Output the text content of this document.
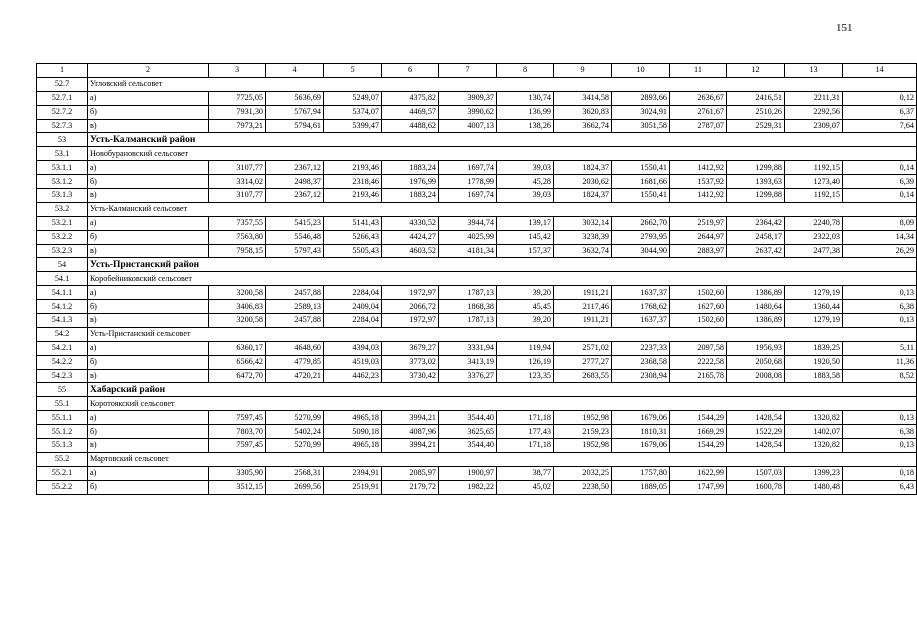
151
1	2	3	4	5	6	7	8	9	10	11	12	13	14
52.7	Угловский сельсовет												
52.7.1	а)	7725,05	5636,69	5249,07	4375,82	3909,37	130,74	3414,58	2893,66	2636,67	2416,51	2211,31	0,12
52.7.2	б)	7931,30	5767,94	5374,07	4469,57	3990,62	136,99	3620,83	3024,91	2761,67	2510,26	2292,56	6,37
52.7.3	в)	7973,21	5794,61	5399,47	4488,62	4007,13	138,26	3662,74	3051,58	2787,07	2529,31	2309,07	7,64
53	Усть-Калманский район												
53.1	Новобурановский сельсовет												
53.1.1	а)	3107,77	2367,12	2193,46	1883,24	1697,74	39,03	1824,37	1550,41	1412,92	1299,88	1192,15	0,14
53.1.2	б)	3314,02	2498,37	2318,46	1976,99	1778,99	45,28	2030,62	1681,66	1537,92	1393,63	1273,40	6,39
53.1.3	в)	3107,77	2367,12	2193,46	1883,24	1697,74	39,03	1824,37	1550,41	1412,92	1299,88	1192,15	0,14
53.2	Усть-Калманский сельсовет												
53.2.1	а)	7357,55	5415,23	5141,43	4330,52	3944,74	139,17	3032,14	2662,70	2519,97	2364,42	2240,78	8,09
53.2.2	б)	7563,80	5546,48	5266,43	4424,27	4025,99	145,42	3238,39	2793,95	2644,97	2458,17	2322,03	14,34
53.2.3	в)	7958,15	5797,43	5505,43	4603,52	4181,34	157,37	3632,74	3044,90	2883,97	2637,42	2477,38	26,29
54	Усть-Пристанский район												
54.1	Коробейниковский сельсовет												
54.1.1	а)	3200,58	2457,88	2284,04	1972,97	1787,13	39,20	1911,21	1637,37	1502,60	1386,89	1279,19	0,13
54.1.2	б)	3406,83	2589,13	2409,04	2066,72	1868,38	45,45	2117,46	1768,62	1627,60	1480,64	1360,44	6,38
54.1.3	в)	3200,58	2457,88	2284,04	1972,97	1787,13	39,20	1911,21	1637,37	1502,60	1386,89	1279,19	0,13
54.2	Усть-Пристанский сельсовет												
54.2.1	а)	6360,17	4648,60	4394,03	3679,27	3331,94	119,94	2571,02	2237,33	2097,58	1956,93	1839,25	5,11
54.2.2	б)	6566,42	4779,85	4519,03	3773,02	3413,19	126,19	2777,27	2368,58	2222,58	2050,68	1920,50	11,36
54.2.3	в)	6472,70	4720,21	4462,23	3730,42	3376,27	123,35	2683,55	2308,94	2165,78	2008,08	1883,58	8,52
55	Хабарский район												
55.1	Коротоякский сельсовет												
55.1.1	а)	7597,45	5270,99	4965,18	3994,21	3544,40	171,18	1952,98	1679,06	1544,29	1428,54	1320,82	0,13
55.1.2	б)	7803,70	5402,24	5090,18	4087,96	3625,65	177,43	2159,23	1810,31	1669,29	1522,29	1402,07	6,38
55.1.3	в)	7597,45	5270,99	4965,18	3994,21	3544,40	171,18	1952,98	1679,06	1544,29	1428,54	1320,82	0,13
55.2	Мартовский сельсовет												
55.2.1	а)	3305,90	2568,31	2394,91	2085,97	1900,97	38,77	2032,25	1757,80	1622,99	1507,03	1399,23	0,18
55.2.2	б)	3512,15	2699,56	2519,91	2179,72	1982,22	45,02	2238,50	1889,05	1747,99	1600,78	1480,48	6,43
